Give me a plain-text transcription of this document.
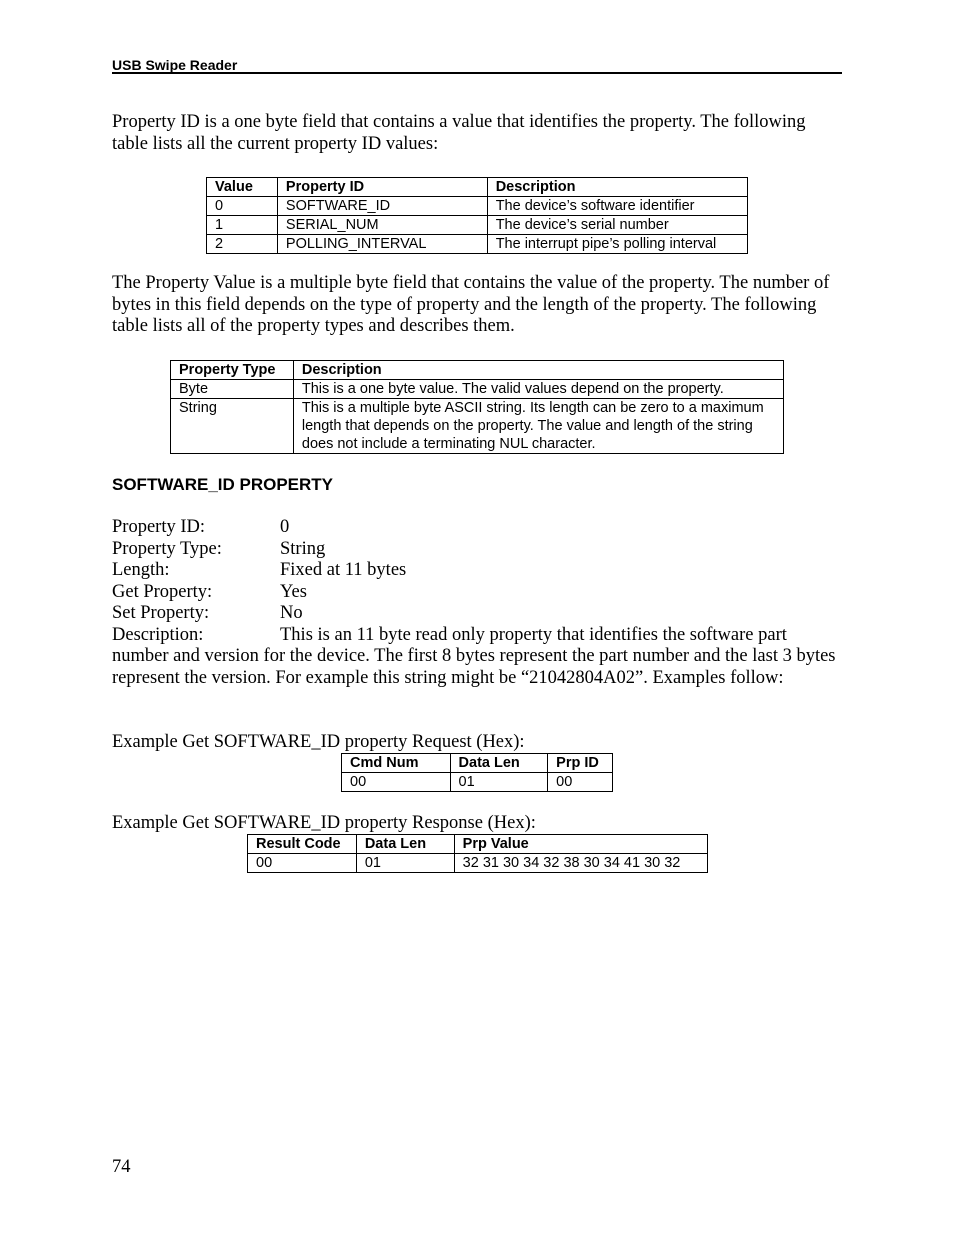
USB Swipe Reader

Property ID is a one byte field that contains a value that identifies the property. The following table lists all the current property ID values:

Value	Property ID	Description
0	SOFTWARE_ID	The device’s software identifier
1	SERIAL_NUM	The device’s serial number
2	POLLING_INTERVAL	The interrupt pipe’s polling interval

The Property Value is a multiple byte field that contains the value of the property. The number of bytes in this field depends on the type of property and the length of the property. The following table lists all of the property types and describes them.

Property Type	Description
Byte	This is a one byte value. The valid values depend on the property.
String	This is a multiple byte ASCII string. Its length can be zero to a maximum length that depends on the property. The value and length of the string does not include a terminating NUL character.
SOFTWARE_ID PROPERTY
Property ID:	0
Property Type:	String
Length:	Fixed at 11 bytes
Get Property:	Yes
Set Property:	No

Description:	This is an 11 byte read only property that identifies the software part number and version for the device. The first 8 bytes represent the part number and the last 3 bytes represent the version. For example this string might be “21042804A02”. Examples follow:

Example Get SOFTWARE_ID property Request (Hex):
Cmd Num	Data Len	Prp ID
00	01	00
Example Get SOFTWARE_ID property Response (Hex):
Result Code	Data Len	Prp Value
00	01	32 31 30 34 32 38 30 34 41 30 32
74
